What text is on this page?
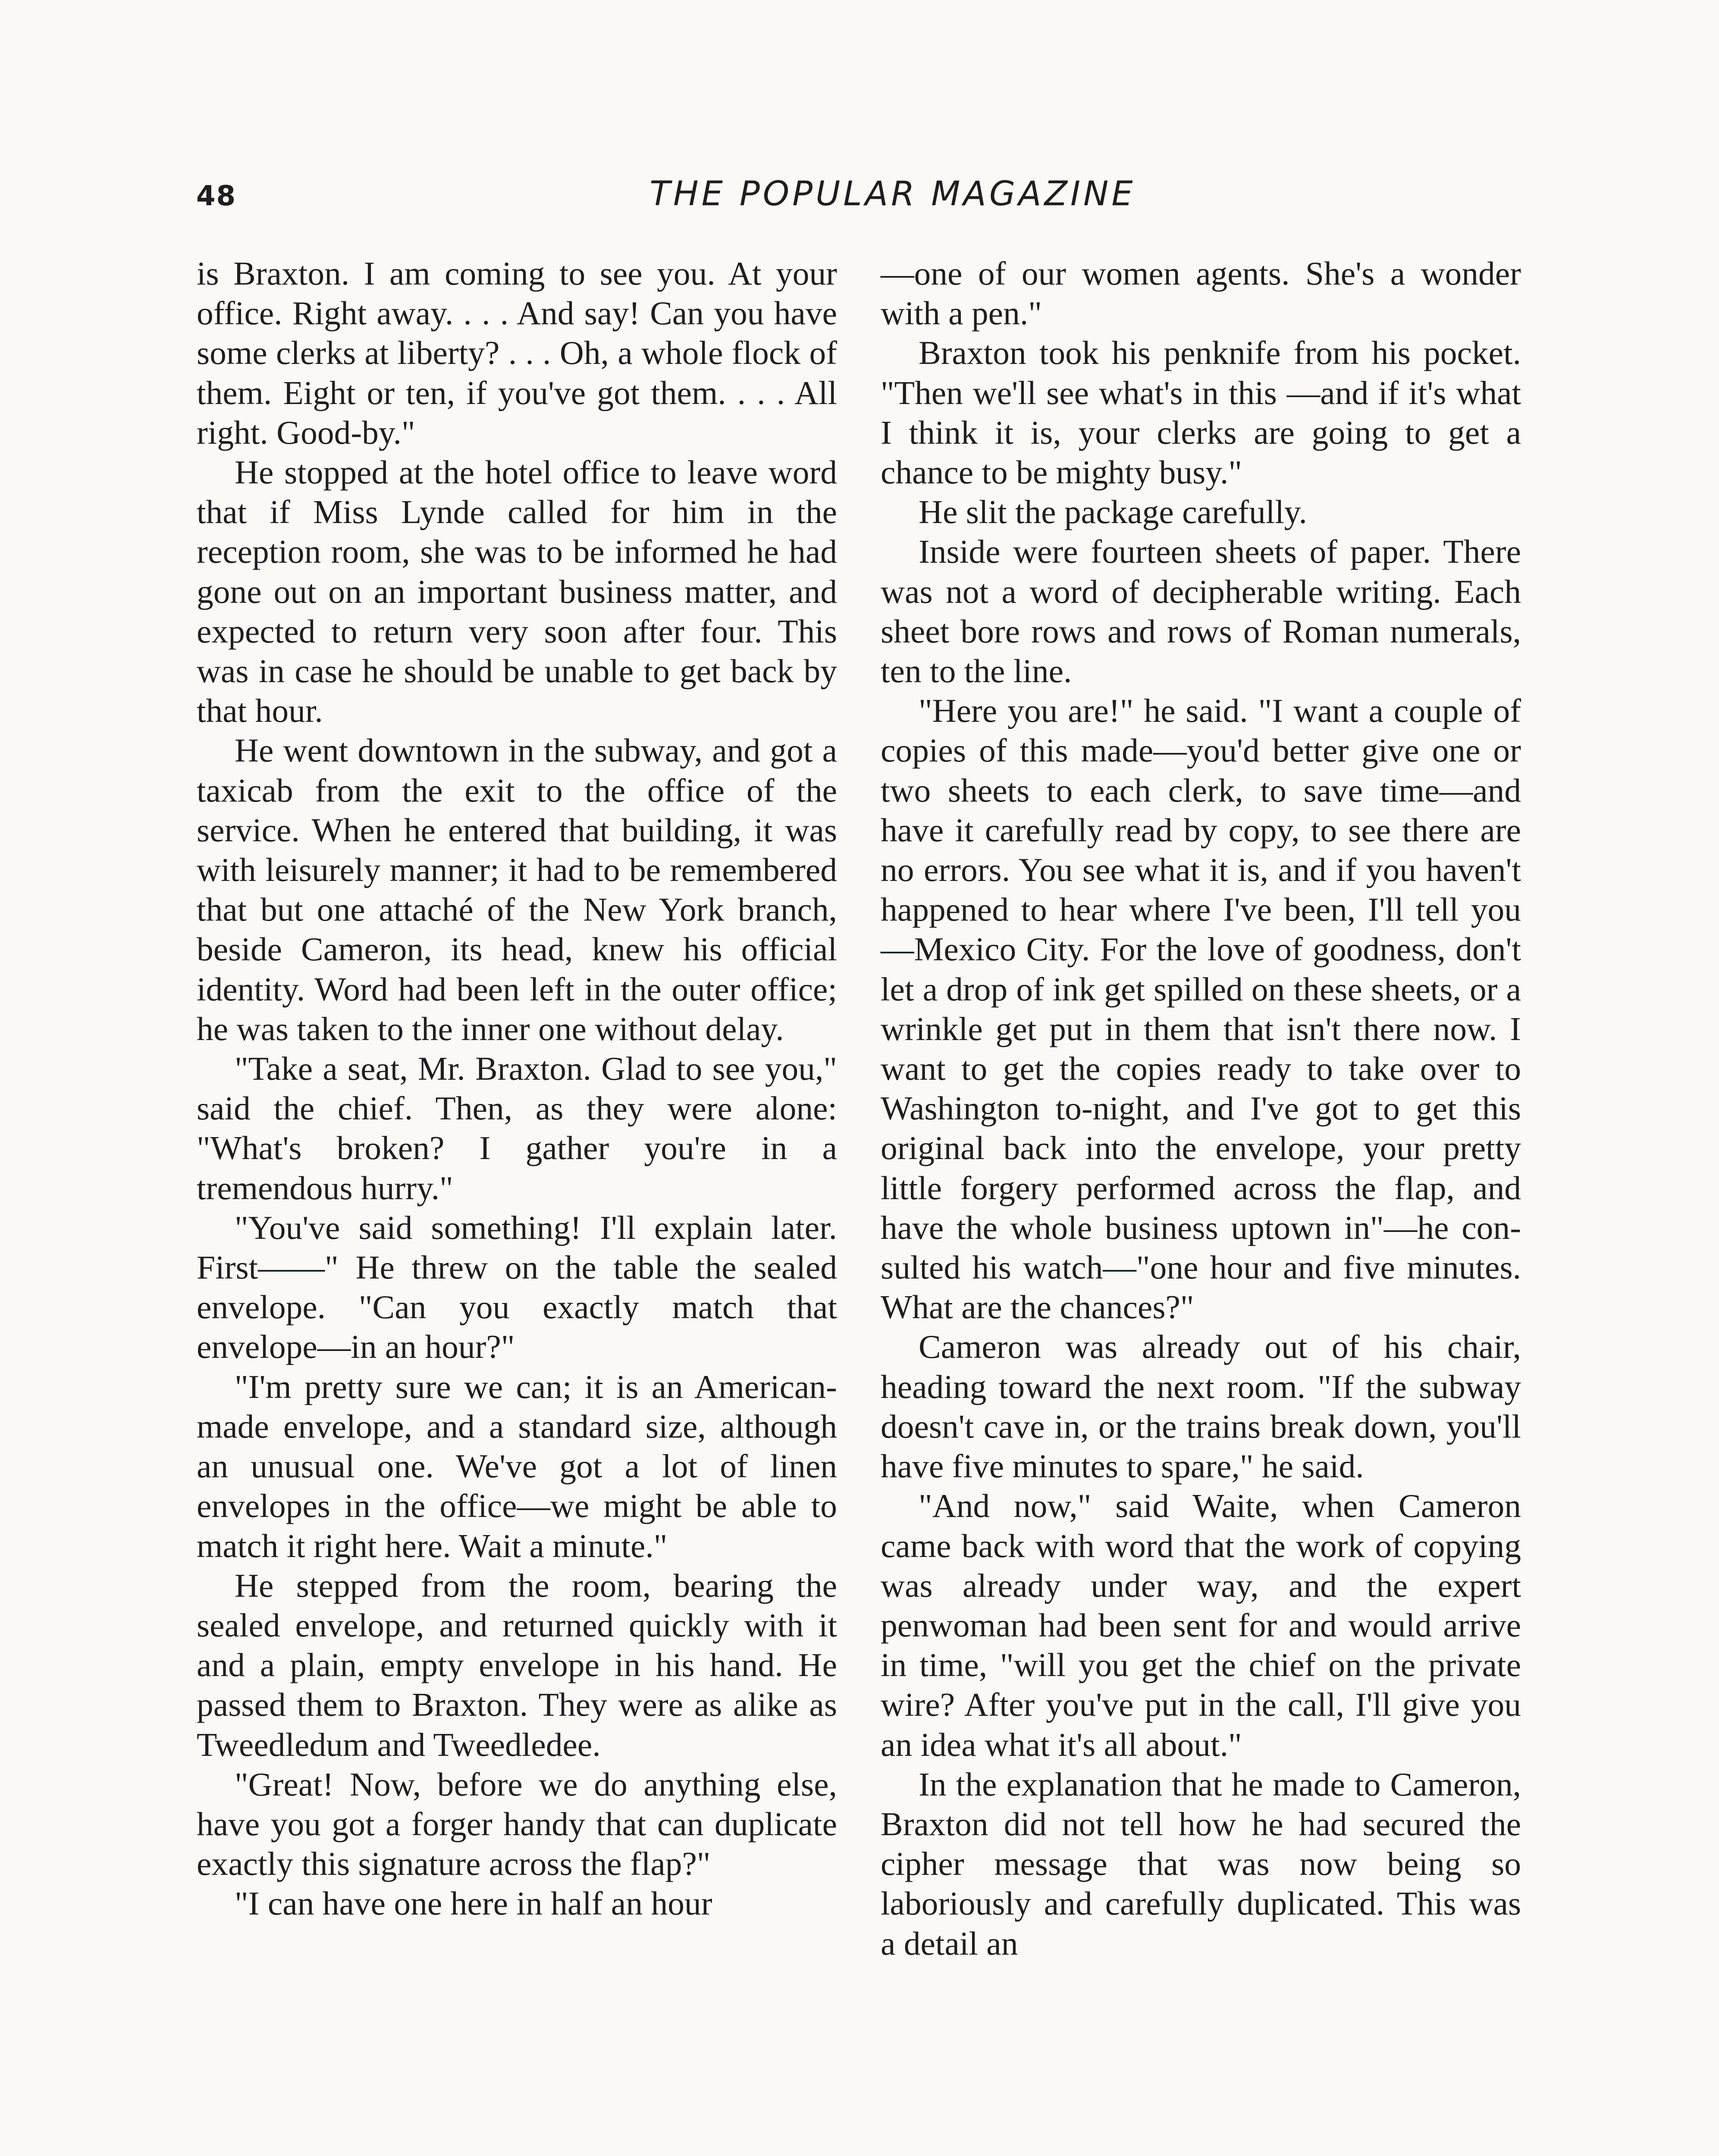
48	THE POPULAR MAGAZINE

is Braxton. I am coming to see you. At your office. Right away. . . . And say! Can you have some clerks at liberty? . . . Oh, a whole flock of them. Eight or ten, if you've got them. . . . All right. Good-by."

He stopped at the hotel office to leave word that if Miss Lynde called for him in the reception room, she was to be informed he had gone out on an important business matter, and expected to return very soon after four. This was in case he should be unable to get back by that hour.

He went downtown in the subway, and got a taxicab from the exit to the office of the service. When he entered that building, it was with leisurely manner; it had to be remembered that but one attaché of the New York branch, beside Cameron, its head, knew his official identity. Word had been left in the outer office; he was taken to the inner one without delay.

"Take a seat, Mr. Braxton. Glad to see you," said the chief. Then, as they were alone: "What's broken? I gather you're in a tremendous hurry."

"You've said something! I'll explain later. First——" He threw on the table the sealed envelope. "Can you exactly match that envelope—in an hour?"

"I'm pretty sure we can; it is an American-made envelope, and a standard size, although an unusual one. We've got a lot of linen envelopes in the office—we might be able to match it right here. Wait a minute."

He stepped from the room, bearing the sealed envelope, and returned quickly with it and a plain, empty envelope in his hand. He passed them to Braxton. They were as alike as Tweedledum and Tweedledee.

"Great! Now, before we do anything else, have you got a forger handy that can duplicate exactly this signature across the flap?"

"I can have one here in half an hour

—one of our women agents. She's a wonder with a pen."

Braxton took his penknife from his pocket. "Then we'll see what's in this —and if it's what I think it is, your clerks are going to get a chance to be mighty busy."

He slit the package carefully.

Inside were fourteen sheets of paper. There was not a word of decipherable writing. Each sheet bore rows and rows of Roman numerals, ten to the line.

"Here you are!" he said. "I want a couple of copies of this made—you'd better give one or two sheets to each clerk, to save time—and have it carefully read by copy, to see there are no errors. You see what it is, and if you haven't happened to hear where I've been, I'll tell you—Mexico City. For the love of goodness, don't let a drop of ink get spilled on these sheets, or a wrinkle get put in them that isn't there now. I want to get the copies ready to take over to Washington to-night, and I've got to get this original back into the envelope, your pretty little forgery performed across the flap, and have the whole business uptown in"—he consulted his watch—"one hour and five minutes. What are the chances?"

Cameron was already out of his chair, heading toward the next room. "If the subway doesn't cave in, or the trains break down, you'll have five minutes to spare," he said.

"And now," said Waite, when Cameron came back with word that the work of copying was already under way, and the expert penwoman had been sent for and would arrive in time, "will you get the chief on the private wire? After you've put in the call, I'll give you an idea what it's all about."

In the explanation that he made to Cameron, Braxton did not tell how he had secured the cipher message that was now being so laboriously and carefully duplicated. This was a detail an
